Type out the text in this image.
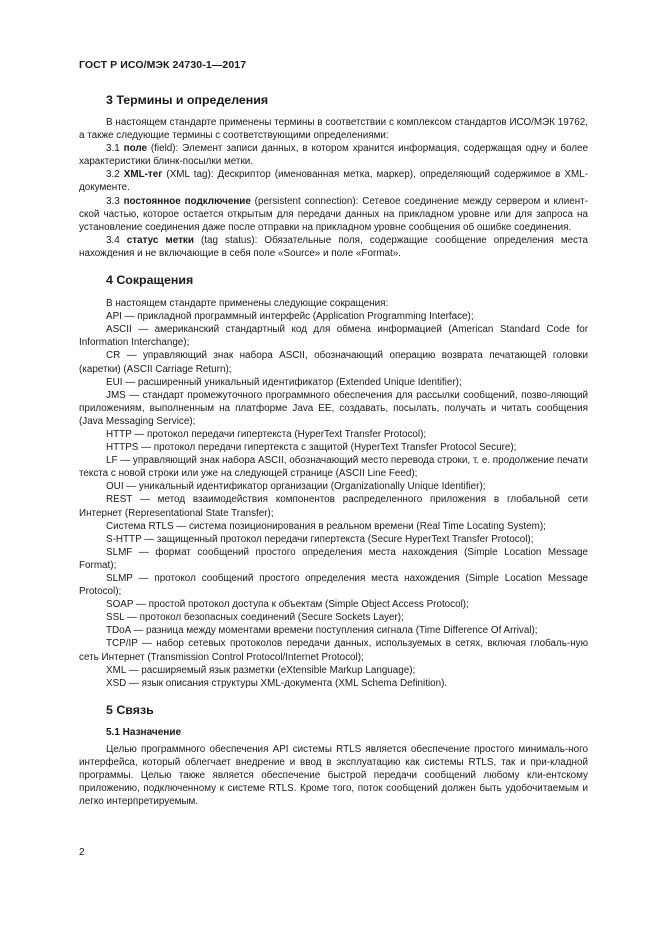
ГОСТ Р ИСО/МЭК 24730-1—2017
3 Термины и определения

В настоящем стандарте применены термины в соответствии с комплексом стандартов ИСО/МЭК 19762, а также следующие термины с соответствующими определениями:

3.1 поле (field): Элемент записи данных, в котором хранится информация, содержащая одну и более характеристики блинк-посылки метки.

3.2 XML-тег (XML tag): Дескриптор (именованная метка, маркер), определяющий содержимое в XML-документе.

3.3 постоянное подключение (persistent connection): Сетевое соединение между сервером и клиент-ской частью, которое остается открытым для передачи данных на прикладном уровне или для запроса на установление соединения даже после отправки на прикладном уровне сообщения об ошибке соединения.

3.4 статус метки (tag status): Обязательные поля, содержащие сообщение определения места нахождения и не включающие в себя поле «Source» и поле «Format».

4 Сокращения

В настоящем стандарте применены следующие сокращения:

API — прикладной программный интерфейс (Application Programming Interface);

ASCII — американский стандартный код для обмена информацией (American Standard Code for Information Interchange);

CR — управляющий знак набора ASCII, обозначающий операцию возврата печатающей головки (каретки) (ASCII Carriage Return);

EUI — расширенный уникальный идентификатор (Extended Unique Identifier);

JMS — стандарт промежуточного программного обеспечения для рассылки сообщений, позво-ляющий приложениям, выполненным на платформе Java EE, создавать, посылать, получать и читать сообщения (Java Messaging Service);

HTTP — протокол передачи гипертекста (HyperText Transfer Protocol);

HTTPS — протокол передачи гипертекста с защитой (HyperText Transfer Protocol Secure);

LF — управляющий знак набора ASCII, обозначающий место перевода строки, т. е. продолжение печати текста с новой строки или уже на следующей странице (ASCII Line Feed);

OUI — уникальный идентификатор организации (Organizationally Unique Identifier);

REST — метод взаимодействия компонентов распределенного приложения в глобальной сети Интернет (Representational State Transfer);

Система RTLS — система позиционирования в реальном времени (Real Time Locating System);

S-HTTP — защищенный протокол передачи гипертекста (Secure HyperText Transfer Protocol);

SLMF — формат сообщений простого определения места нахождения (Simple Location Message Format);

SLMP — протокол сообщений простого определения места нахождения (Simple Location Message Protocol);

SOAP — простой протокол доступа к объектам (Simple Object Access Protocol);

SSL — протокол безопасных соединений (Secure Sockets Layer);

TDoA — разница между моментами времени поступления сигнала (Time Difference Of Arrival);

TCP/IP — набор сетевых протоколов передачи данных, используемых в сетях, включая глобаль-ную сеть Интернет (Transmission Control Protocol/Internet Protocol);

XML — расширяемый язык разметки (eXtensible Markup Language);

XSD — язык описания структуры XML-документа (XML Schema Definition).

5 Связь
5.1 Назначение

Целью программного обеспечения API системы RTLS является обеспечение простого минималь-ного интерфейса, который облегчает внедрение и ввод в эксплуатацию как системы RTLS, так и при-кладной программы. Целью также является обеспечение быстрой передачи сообщений любому кли-ентскому приложению, подключенному к системе RTLS. Кроме того, поток сообщений должен быть удобочитаемым и легко интерпретируемым.

2
